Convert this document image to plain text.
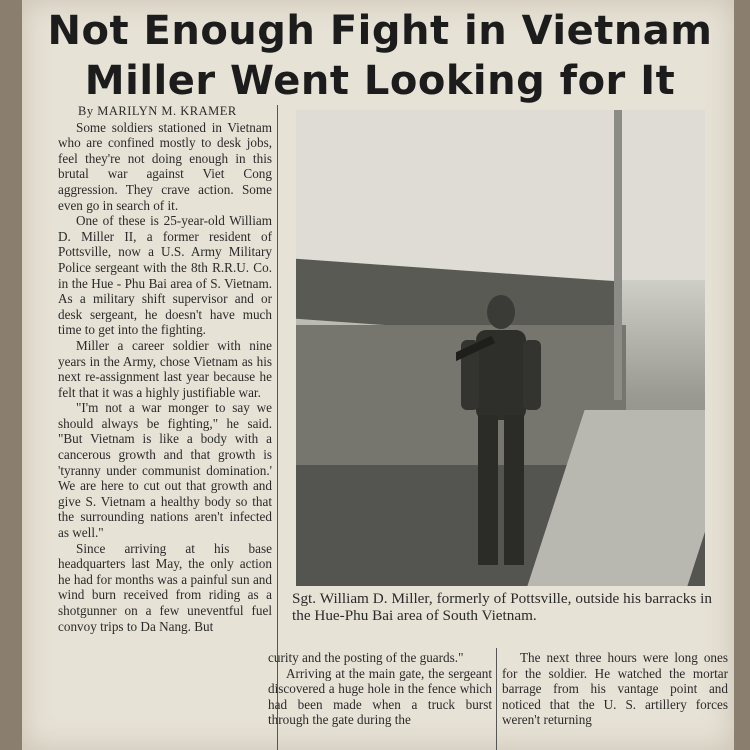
Not Enough Fight in Vietnam
Miller Went Looking for It

By MARILYN M. KRAMER

Some soldiers stationed in Vietnam who are confined mostly to desk jobs, feel they're not doing enough in this brutal war against Viet Cong aggression. They crave action. Some even go in search of it.

One of these is 25-year-old William D. Miller II, a former resident of Pottsville, now a U.S. Army Military Police sergeant with the 8th R.R.U. Co. in the Hue - Phu Bai area of S. Vietnam. As a military shift supervisor and or desk sergeant, he doesn't have much time to get into the fighting.

Miller a career soldier with nine years in the Army, chose Vietnam as his next re-assignment last year because he felt that it was a highly justifiable war.

"I'm not a war monger to say we should always be fighting," he said. "But Vietnam is like a body with a cancerous growth and that growth is 'tyranny under communist domination.' We are here to cut out that growth and give S. Vietnam a healthy body so that the surrounding nations aren't infected as well."

Since arriving at his base headquarters last May, the only action he had for months was a painful sun and wind burn received from riding as a shotgunner on a few uneventful fuel convoy trips to Da Nang. But

Sgt. William D. Miller, formerly of Pottsville, outside his barracks in the Hue-Phu Bai area of South Vietnam.

curity and the posting of the guards."

Arriving at the main gate, the sergeant discovered a huge hole in the fence which had been made when a truck burst through the gate during the

The next three hours were long ones for the soldier. He watched the mortar barrage from his vantage point and noticed that the U. S. artillery forces weren't returning
